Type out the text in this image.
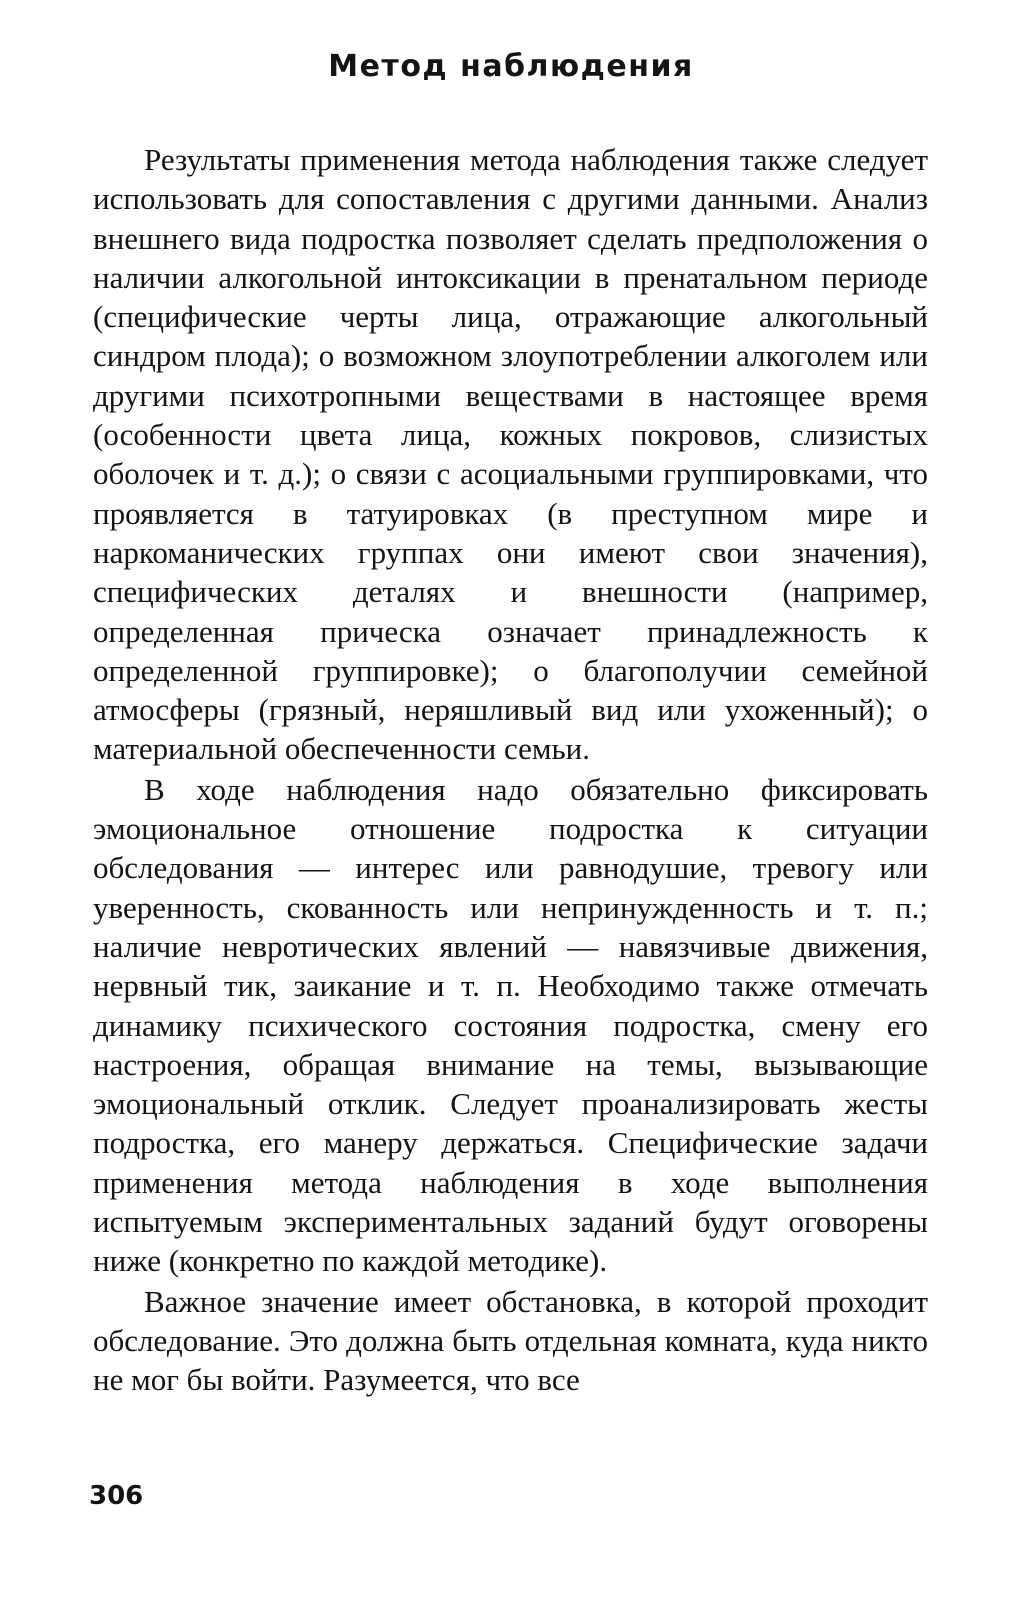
Метод наблюдения

Результаты применения метода наблюдения также следует использовать для сопоставления с другими данными. Анализ внешнего вида подростка позволяет сделать предположения о наличии алкогольной интоксикации в пренатальном периоде (специфические черты лица, отражающие алкогольный синдром плода); о возможном злоупотреблении алкоголем или другими психотропными веществами в настоящее время (особенности цвета лица, кожных покровов, слизистых оболочек и т. д.); о связи с асоциальными группировками, что проявляется в татуировках (в преступном мире и наркоманических группах они имеют свои значения), специфических деталях и внешности (например, определенная прическа означает принадлежность к определенной группировке); о благополучии семейной атмосферы (грязный, неряшливый вид или ухоженный); о материальной обеспеченности семьи.

В ходе наблюдения надо обязательно фиксировать эмоциональное отношение подростка к ситуации обследования — интерес или равнодушие, тревогу или уверенность, скованность или непринужденность и т. п.; наличие невротических явлений — навязчивые движения, нервный тик, заикание и т. п. Необходимо также отмечать динамику психического состояния подростка, смену его настроения, обращая внимание на темы, вызывающие эмоциональный отклик. Следует проанализировать жесты подростка, его манеру держаться. Специфические задачи применения метода наблюдения в ходе выполнения испытуемым экспериментальных заданий будут оговорены ниже (конкретно по каждой методике).

Важное значение имеет обстановка, в которой проходит обследование. Это должна быть отдельная комната, куда никто не мог бы войти. Разумеется, что все

306
